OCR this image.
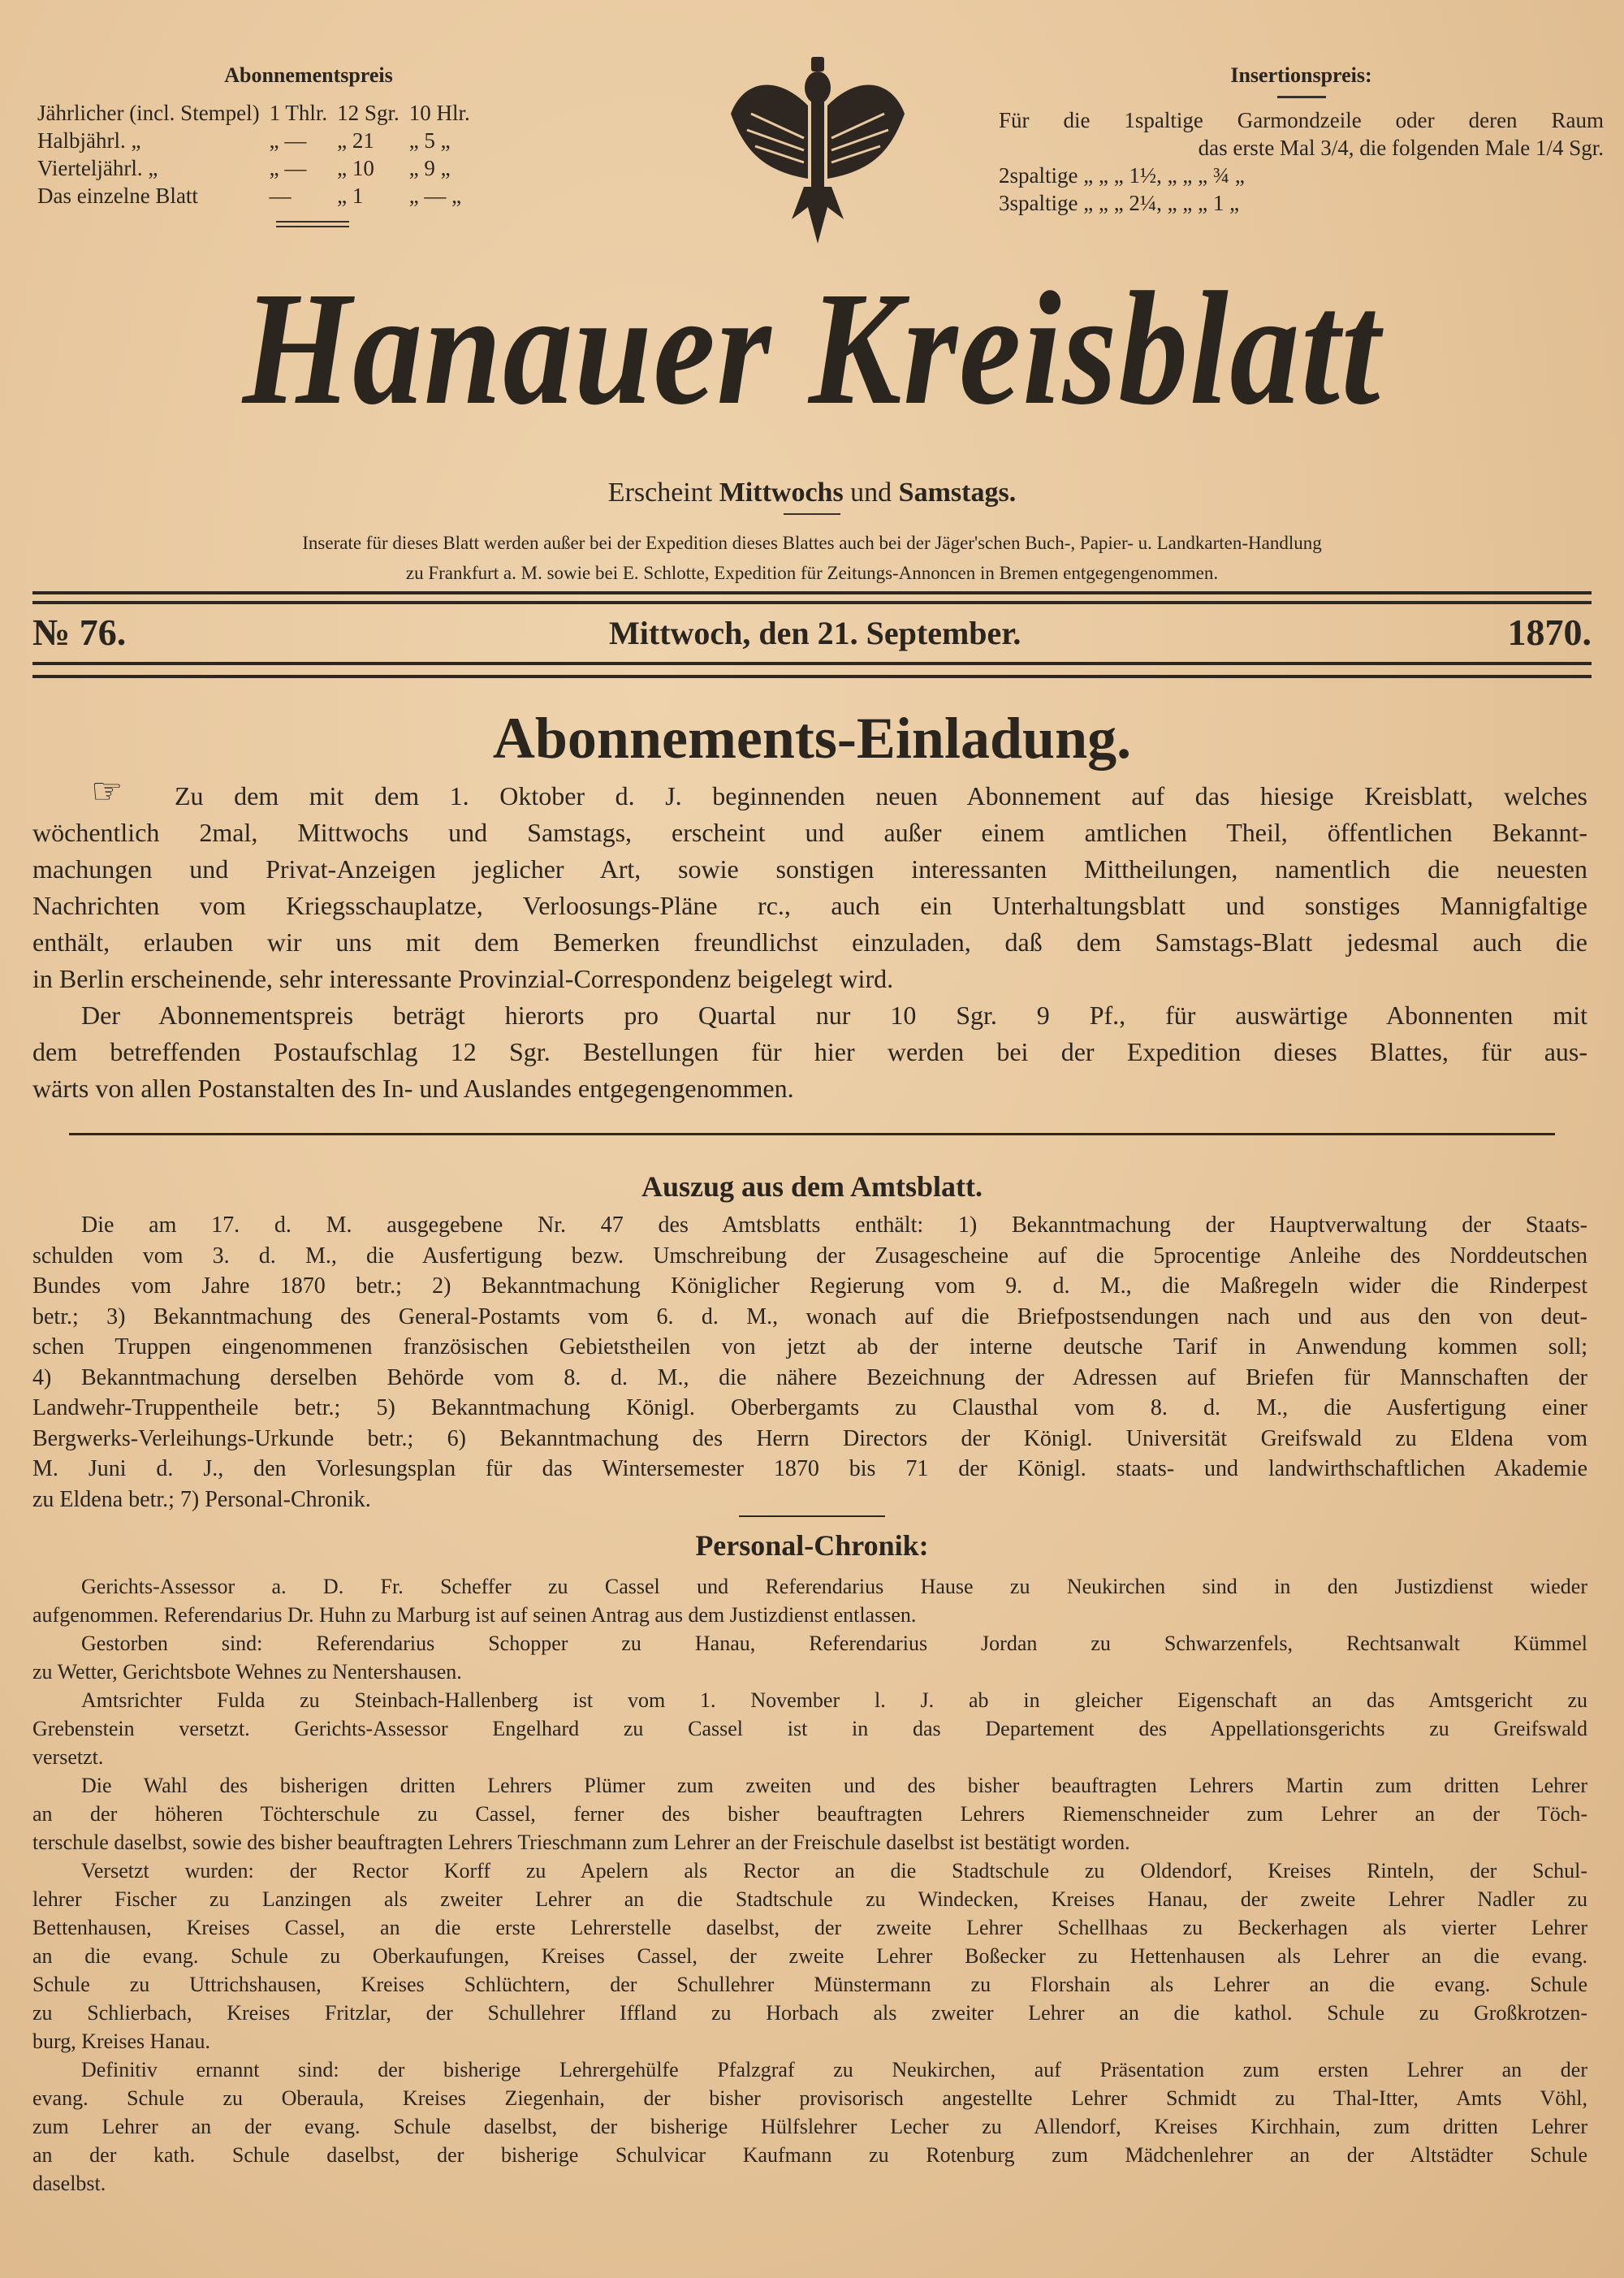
Abonnementspreis
Jährlicher (incl. Stempel)	1 Thlr.	12 Sgr.	10 Hlr.
Halbjährl. „	„ —	„ 21	„ 5 „
Vierteljährl. „	„ —	„ 10	„ 9 „
Das einzelne Blatt	—	„ 1	„ — „
Insertionspreis:
Für die 1spaltige Garmondzeile oder deren Raum
das erste Mal 3/4, die folgenden Male 1/4 Sgr.
2spaltige „ „ „ 1½, „ „ „ ¾ „
3spaltige „ „ „ 2¼, „ „ „ 1 „
Hanauer Kreisblatt
Erscheint Mittwochs und Samstags.
Inserate für dieses Blatt werden außer bei der Expedition dieses Blattes auch bei der Jäger'schen Buch-, Papier- u. Landkarten-Handlung
zu Frankfurt a. M. sowie bei E. Schlotte, Expedition für Zeitungs-Annoncen in Bremen entgegengenommen.
№ 76.	Mittwoch, den 21. September.	1870.
Abonnements-Einladung.
☞	Zu dem mit dem 1. Oktober d. J. beginnenden neuen Abonnement auf das hiesige Kreisblatt, welches
wöchentlich 2mal, Mittwochs und Samstags, erscheint und außer einem amtlichen Theil, öffentlichen Bekannt-
machungen und Privat-Anzeigen jeglicher Art, sowie sonstigen interessanten Mittheilungen, namentlich die neuesten
Nachrichten vom Kriegsschauplatze, Verloosungs-Pläne rc., auch ein Unterhaltungsblatt und sonstiges Mannigfaltige
enthält, erlauben wir uns mit dem Bemerken freundlichst einzuladen, daß dem Samstags-Blatt jedesmal auch die
in Berlin erscheinende, sehr interessante Provinzial-Correspondenz beigelegt wird.
Der Abonnementspreis beträgt hierorts pro Quartal nur 10 Sgr. 9 Pf., für auswärtige Abonnenten mit
dem betreffenden Postaufschlag 12 Sgr. Bestellungen für hier werden bei der Expedition dieses Blattes, für aus-
wärts von allen Postanstalten des In- und Auslandes entgegengenommen.
Auszug aus dem Amtsblatt.
Die am 17. d. M. ausgegebene Nr. 47 des Amtsblatts enthält: 1) Bekanntmachung der Hauptverwaltung der Staats-
schulden vom 3. d. M., die Ausfertigung bezw. Umschreibung der Zusagescheine auf die 5procentige Anleihe des Norddeutschen
Bundes vom Jahre 1870 betr.; 2) Bekanntmachung Königlicher Regierung vom 9. d. M., die Maßregeln wider die Rinderpest
betr.; 3) Bekanntmachung des General-Postamts vom 6. d. M., wonach auf die Briefpostsendungen nach und aus den von deut-
schen Truppen eingenommenen französischen Gebietstheilen von jetzt ab der interne deutsche Tarif in Anwendung kommen soll;
4) Bekanntmachung derselben Behörde vom 8. d. M., die nähere Bezeichnung der Adressen auf Briefen für Mannschaften der
Landwehr-Truppentheile betr.; 5) Bekanntmachung Königl. Oberbergamts zu Clausthal vom 8. d. M., die Ausfertigung einer
Bergwerks-Verleihungs-Urkunde betr.; 6) Bekanntmachung des Herrn Directors der Königl. Universität Greifswald zu Eldena vom
M. Juni d. J., den Vorlesungsplan für das Wintersemester 1870 bis 71 der Königl. staats- und landwirthschaftlichen Akademie
zu Eldena betr.; 7) Personal-Chronik.
Personal-Chronik:
Gerichts-Assessor a. D. Fr. Scheffer zu Cassel und Referendarius Hause zu Neukirchen sind in den Justizdienst wieder
aufgenommen. Referendarius Dr. Huhn zu Marburg ist auf seinen Antrag aus dem Justizdienst entlassen.
Gestorben sind: Referendarius Schopper zu Hanau, Referendarius Jordan zu Schwarzenfels, Rechtsanwalt Kümmel
zu Wetter, Gerichtsbote Wehnes zu Nentershausen.
Amtsrichter Fulda zu Steinbach-Hallenberg ist vom 1. November l. J. ab in gleicher Eigenschaft an das Amtsgericht zu
Grebenstein versetzt. Gerichts-Assessor Engelhard zu Cassel ist in das Departement des Appellationsgerichts zu Greifswald
versetzt.
Die Wahl des bisherigen dritten Lehrers Plümer zum zweiten und des bisher beauftragten Lehrers Martin zum dritten Lehrer
an der höheren Töchterschule zu Cassel, ferner des bisher beauftragten Lehrers Riemenschneider zum Lehrer an der Töch-
terschule daselbst, sowie des bisher beauftragten Lehrers Trieschmann zum Lehrer an der Freischule daselbst ist bestätigt worden.
Versetzt wurden: der Rector Korff zu Apelern als Rector an die Stadtschule zu Oldendorf, Kreises Rinteln, der Schul-
lehrer Fischer zu Lanzingen als zweiter Lehrer an die Stadtschule zu Windecken, Kreises Hanau, der zweite Lehrer Nadler zu
Bettenhausen, Kreises Cassel, an die erste Lehrerstelle daselbst, der zweite Lehrer Schellhaas zu Beckerhagen als vierter Lehrer
an die evang. Schule zu Oberkaufungen, Kreises Cassel, der zweite Lehrer Boßecker zu Hettenhausen als Lehrer an die evang.
Schule zu Uttrichshausen, Kreises Schlüchtern, der Schullehrer Münstermann zu Florshain als Lehrer an die evang. Schule
zu Schlierbach, Kreises Fritzlar, der Schullehrer Iffland zu Horbach als zweiter Lehrer an die kathol. Schule zu Großkrotzen-
burg, Kreises Hanau.
Definitiv ernannt sind: der bisherige Lehrergehülfe Pfalzgraf zu Neukirchen, auf Präsentation zum ersten Lehrer an der
evang. Schule zu Oberaula, Kreises Ziegenhain, der bisher provisorisch angestellte Lehrer Schmidt zu Thal-Itter, Amts Vöhl,
zum Lehrer an der evang. Schule daselbst, der bisherige Hülfslehrer Lecher zu Allendorf, Kreises Kirchhain, zum dritten Lehrer
an der kath. Schule daselbst, der bisherige Schulvicar Kaufmann zu Rotenburg zum Mädchenlehrer an der Altstädter Schule
daselbst.
